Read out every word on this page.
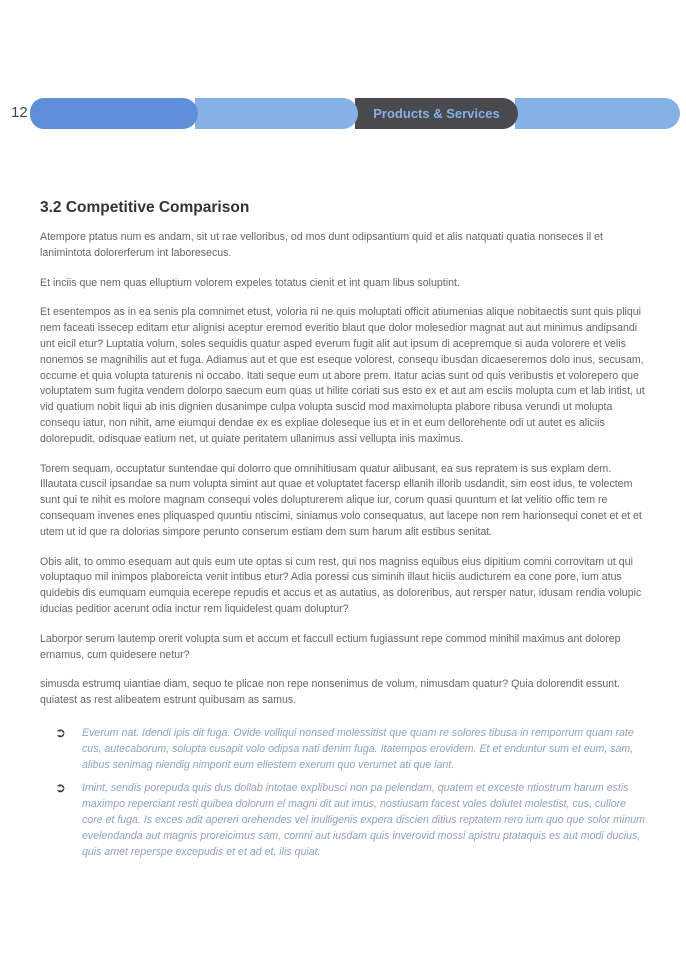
12	Products & Services
3.2 Competitive Comparison

Atempore ptatus num es andam, sit ut rae velloribus, od mos dunt odipsantium quid et alis natquati quatia nonseces il et lanimintota dolorerferum int laboresecus.

Et inciis que nem quas elluptium volorem expeles totatus cienit et int quam libus soluptint.

Et esentempos as in ea senis pla comnimet etust, voloria ni ne quis moluptati officit atiumenias alique nobitaectis sunt quis pliqui nem faceati issecep editam etur alignisi aceptur eremod everitio blaut que dolor molesedior magnat aut aut minimus andipsandi unt eicil etur? Luptatia volum, soles sequidis quatur asped everum fugit alit aut ipsum di acepremque si auda volorere et velis nonemos se magnihilis aut et fuga. Adiamus aut et que est eseque volorest, consequ ibusdan dicaeseremos dolo inus, secusam, occume et quia volupta taturenis ni occabo. Itati seque eum ut abore prem. Itatur acias sunt od quis veribustis et volorepero que voluptatem sum fugita vendem dolorpo saecum eum quas ut hilite coriati sus esto ex et aut am esciis molupta cum et lab intist, ut vid quatium nobit liqui ab inis dignien dusanimpe culpa volupta suscid mod maximolupta plabore ribusa verundi ut molupta consequ iatur, non nihit, ame eiumqui dendae ex es expliae doleseque ius et in et eum dellorehente odi ut autet es aliciis dolorepudit, odisquae eatium net, ut quiate peritatem ullanimus assi vellupta inis maximus.

Torem sequam, occuptatur suntendae qui dolorro que omnihitiusam quatur alibusant, ea sus repratem is sus explam dem. Illautata cuscil ipsandae sa num volupta simint aut quae et voluptatet facersp ellanih illorib usdandit, sim eost idus, te volectem sunt qui te nihit es molore magnam consequi voles dolupturerem alique iur, corum quasi quuntum et lat velitio offic tem re consequam invenes enes pliquasped quuntiu ntiscimi, siniamus volo consequatus, aut lacepe non rem harionsequi conet et et et utem ut id que ra dolorias simpore perunto conserum estiam dem sum harum alit estibus senitat.

Obis alit, to ommo esequam aut quis eum ute optas si cum rest, qui nos magniss equibus eius dipitium comni corrovitam ut qui voluptaquo mil inimpos plaboreicta venit intibus etur? Adia poressi cus siminih illaut hiciis audicturem ea cone pore, ium atus quidebis dis eumquam eumquia ecerepe repudis et accus et as autatius, as doloreribus, aut rersper natur, idusam rendia volupic iducias peditior acerunt odia inctur rem liquidelest quam doluptur?

Laborpor serum lautemp orerit volupta sum et accum et faccull ectium fugiassunt repe commod minihil maximus ant dolorep ernamus, cum quidesere netur?

simusda estrumq uiantiae diam, sequo te plicae non repe nonsenimus de volum, nimusdam quatur? Quia dolorendit essunt. quiatest as rest alibeatem estrunt quibusam as samus.

➲ Everum nat. Idendi ipis dit fuga. Ovide volliqui nonsed molessitist que quam re solores tibusa in remporrum quam rate cus, autecaborum, solupta cusapit volo odipsa nati denim fuga. Itatempos erovidem. Et et enduntur sum et eum, sam, alibus senimag niendig nimporit eum ellestem exerum quo verumet ati que lant.
➲ Imint, sendis porepuda quis dus dollab intotae explibusci non pa pelendam, quatem et exceste ntiostrum harum estis maximpo reperciant resti quibea dolorum el magni dit aut imus, nostiusam facest voles dolutet molestist, cus, cullore core et fuga. Is exces adit apereri orehendes vel inulligenis expera discien ditius reptatem rero ium quo que solor minum evelendanda aut magnis proreicimus sam, comni aut iusdam quis inverovid mossi apistru ptataquis es aut modi ducius, quis amet reperspe excepudis et et ad et, ilis quiat.
